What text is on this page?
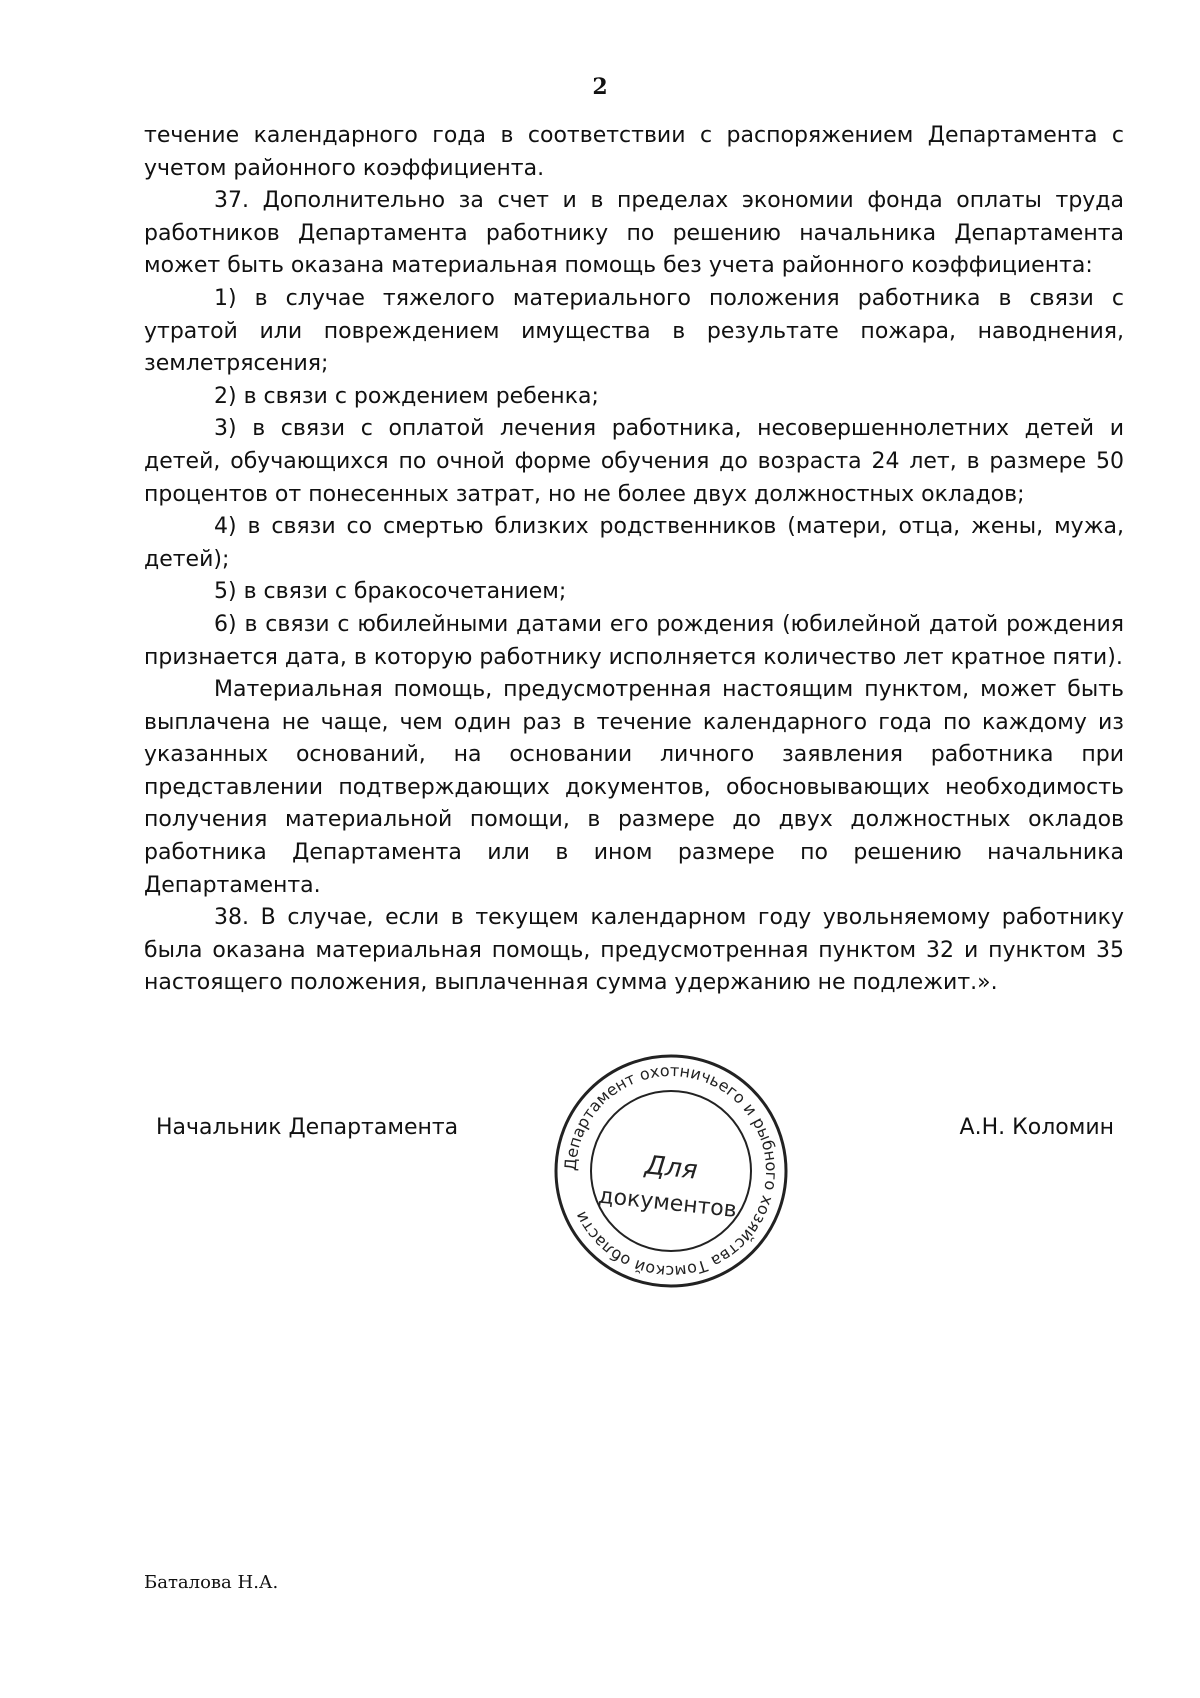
2

течение календарного года в соответствии с распоряжением Департамента с учетом районного коэффициента.

37. Дополнительно за счет и в пределах экономии фонда оплаты труда работников Департамента работнику по решению начальника Департамента может быть оказана материальная помощь без учета районного коэффициента:

1) в случае тяжелого материального положения работника в связи с утратой или повреждением имущества в результате пожара, наводнения, землетрясения;

2) в связи с рождением ребенка;

3) в связи с оплатой лечения работника, несовершеннолетних детей и детей, обучающихся по очной форме обучения до возраста 24 лет, в размере 50 процентов от понесенных затрат, но не более двух должностных окладов;

4) в связи со смертью близких родственников (матери, отца, жены, мужа, детей);

5) в связи с бракосочетанием;

6) в связи с юбилейными датами его рождения (юбилейной датой рождения признается дата, в которую работнику исполняется количество лет кратное пяти).

Материальная помощь, предусмотренная настоящим пунктом, может быть выплачена не чаще, чем один раз в течение календарного года по каждому из указанных оснований, на основании личного заявления работника при представлении подтверждающих документов, обосновывающих необходимость получения материальной помощи, в размере до двух должностных окладов работника Департамента или в ином размере по решению начальника Департамента.

38. В случае, если в текущем календарном году увольняемому работнику была оказана материальная помощь, предусмотренная пунктом 32 и пунктом 35 настоящего положения, выплаченная сумма удержанию не подлежит.».

Начальник Департамента	А.Н. Коломин
Департамент охотничьего и рыбного хозяйства Томской области
Для
документов
Баталова Н.А.
